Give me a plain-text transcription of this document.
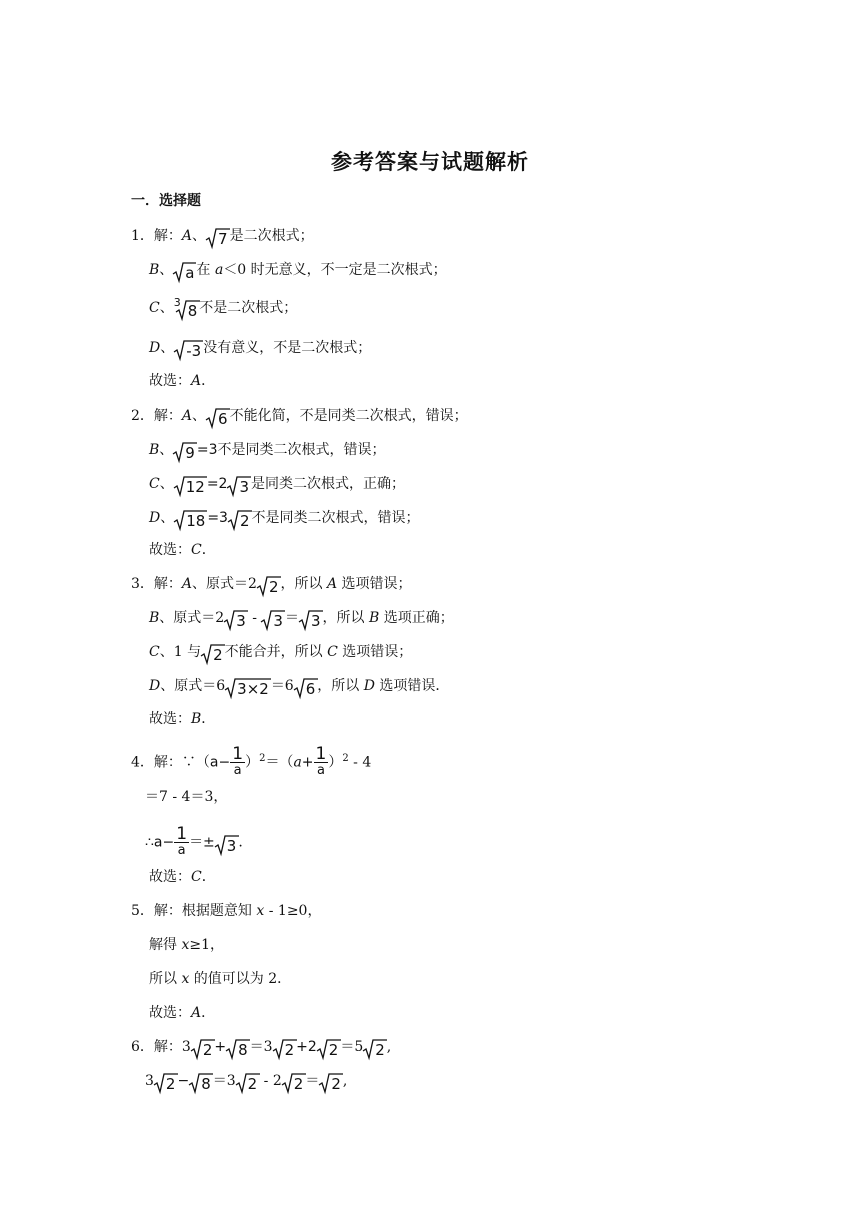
参考答案与试题解析
一．选择题
1．解：A、 7 是二次根式；
B、 a 在 a＜0 时无意义，不一定是二次根式；
C、 3 8 不是二次根式；
D、 -3 没有意义，不是二次根式；
故选：A．
2．解：A、 6 不能化简，不是同类二次根式，错误；
B、 9 =3不是同类二次根式，错误；
C、 12 =2 3 是同类二次根式，正确；
D、 18 =3 2 不是同类二次根式，错误；
故选：C．
3．解：A、原式＝2 2 ，所以 A 选项错误；
B、原式＝2 3 -
3 ＝ 3 ，所以 B 选项正确；
C、1 与 2 不能合并，所以 C 选项错误；
D、原式＝6 3×2 ＝6 6 ，所以 D 选项错误．
故选：B．
4．解：∵（a− $\frac{1}{a} )^2=(a+ \frac{1}{a} )^2 - 4$
＝7 - 4＝3，
∴a− $\frac{1}{a} =\pm 3$ .
故选：C．
5．解：根据题意知 x - 1≥0，
解得 x≥1，
所以 x 的值可以为 2．
故选：A．
6．解：3 2 + 8 ＝3 2 +2 2 ＝5 2 ,
3 2 − 8 ＝3 2 - 2 2 ＝ 2 ,
